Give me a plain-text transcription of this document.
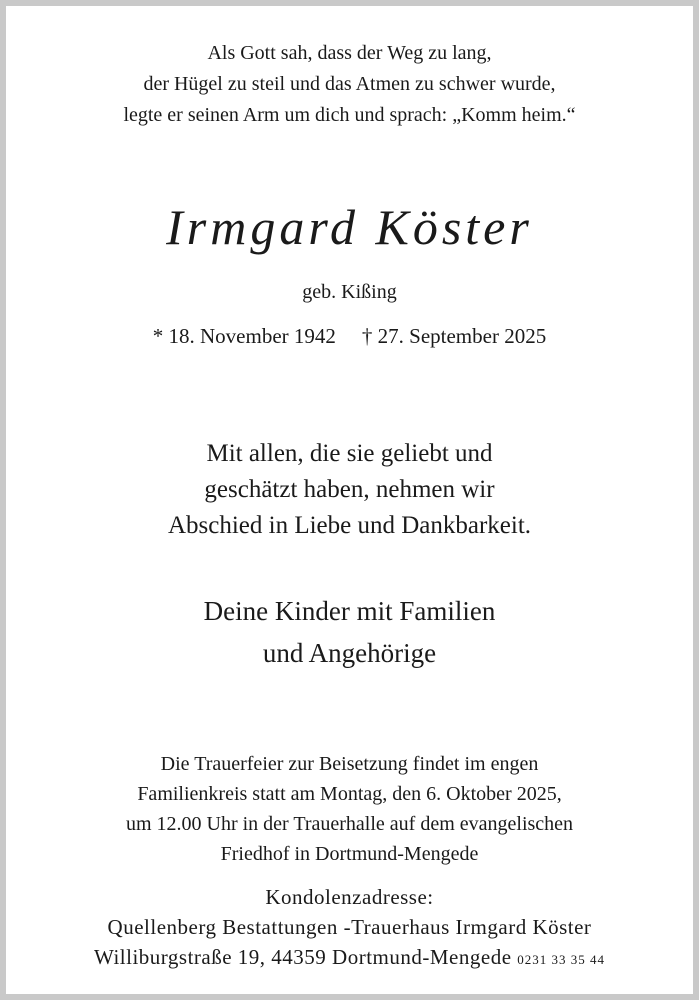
Als Gott sah, dass der Weg zu lang,
der Hügel zu steil und das Atmen zu schwer wurde,
legte er seinen Arm um dich und sprach: „Komm heim.“
Irmgard Köster
geb. Kißing
* 18. November 1942 † 27. September 2025
Mit allen, die sie geliebt und
geschätzt haben, nehmen wir
Abschied in Liebe und Dankbarkeit.
Deine Kinder mit Familien
und Angehörige
Die Trauerfeier zur Beisetzung findet im engen
Familienkreis statt am Montag, den 6. Oktober 2025,
um 12.00 Uhr in der Trauerhalle auf dem evangelischen
Friedhof in Dortmund-Mengede
Kondolenzadresse:
Quellenberg Bestattungen -Trauerhaus Irmgard Köster
Williburgstraße 19, 44359 Dortmund-Mengede 0231 33 35 44
